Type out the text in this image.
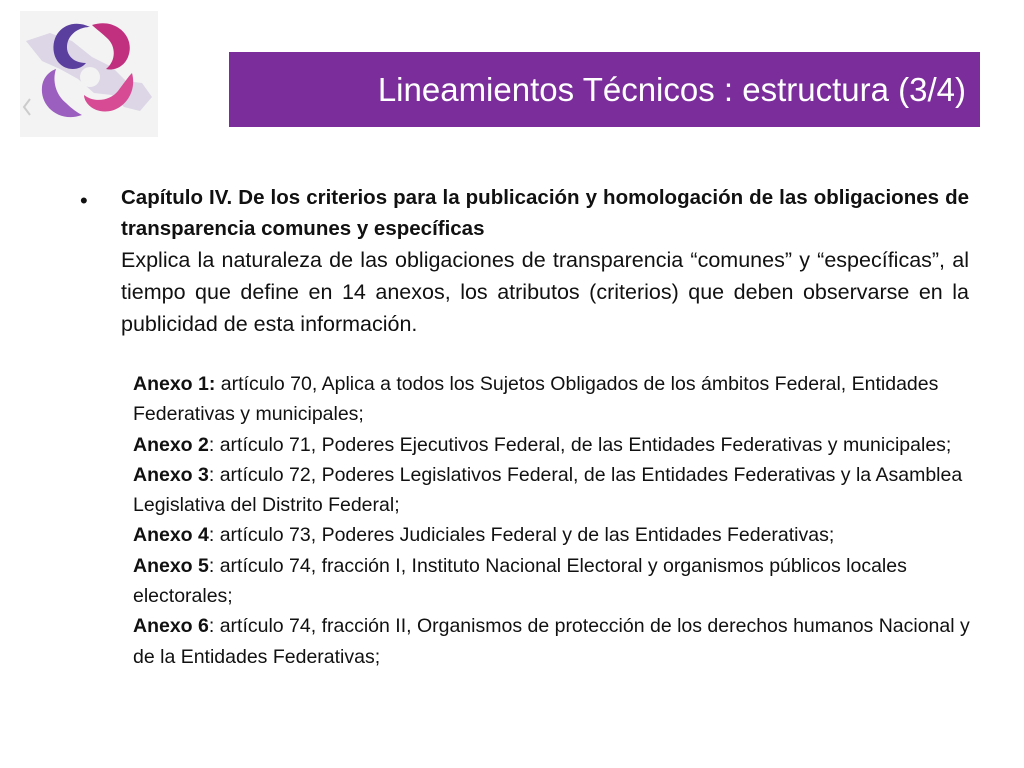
Lineamientos Técnicos : estructura (3/4)
• Capítulo IV. De los criterios para la publicación y homologación de las obligaciones de transparencia comunes y específicas

Explica la naturaleza de las obligaciones de transparencia “comunes” y “específicas”, al tiempo que define en 14 anexos, los atributos (criterios) que deben observarse en la publicidad de esta información.

Anexo 1: artículo 70, Aplica a todos los Sujetos Obligados de los ámbitos Federal, Entidades Federativas y municipales;

Anexo 2: artículo 71, Poderes Ejecutivos Federal, de las Entidades Federativas y municipales;

Anexo 3: artículo 72, Poderes Legislativos Federal, de las Entidades Federativas y la Asamblea Legislativa del Distrito Federal;

Anexo 4: artículo 73, Poderes Judiciales Federal y de las Entidades Federativas;

Anexo 5: artículo 74, fracción I, Instituto Nacional Electoral y organismos públicos locales electorales;

Anexo 6: artículo 74, fracción II, Organismos de protección de los derechos humanos Nacional y de la Entidades Federativas;
